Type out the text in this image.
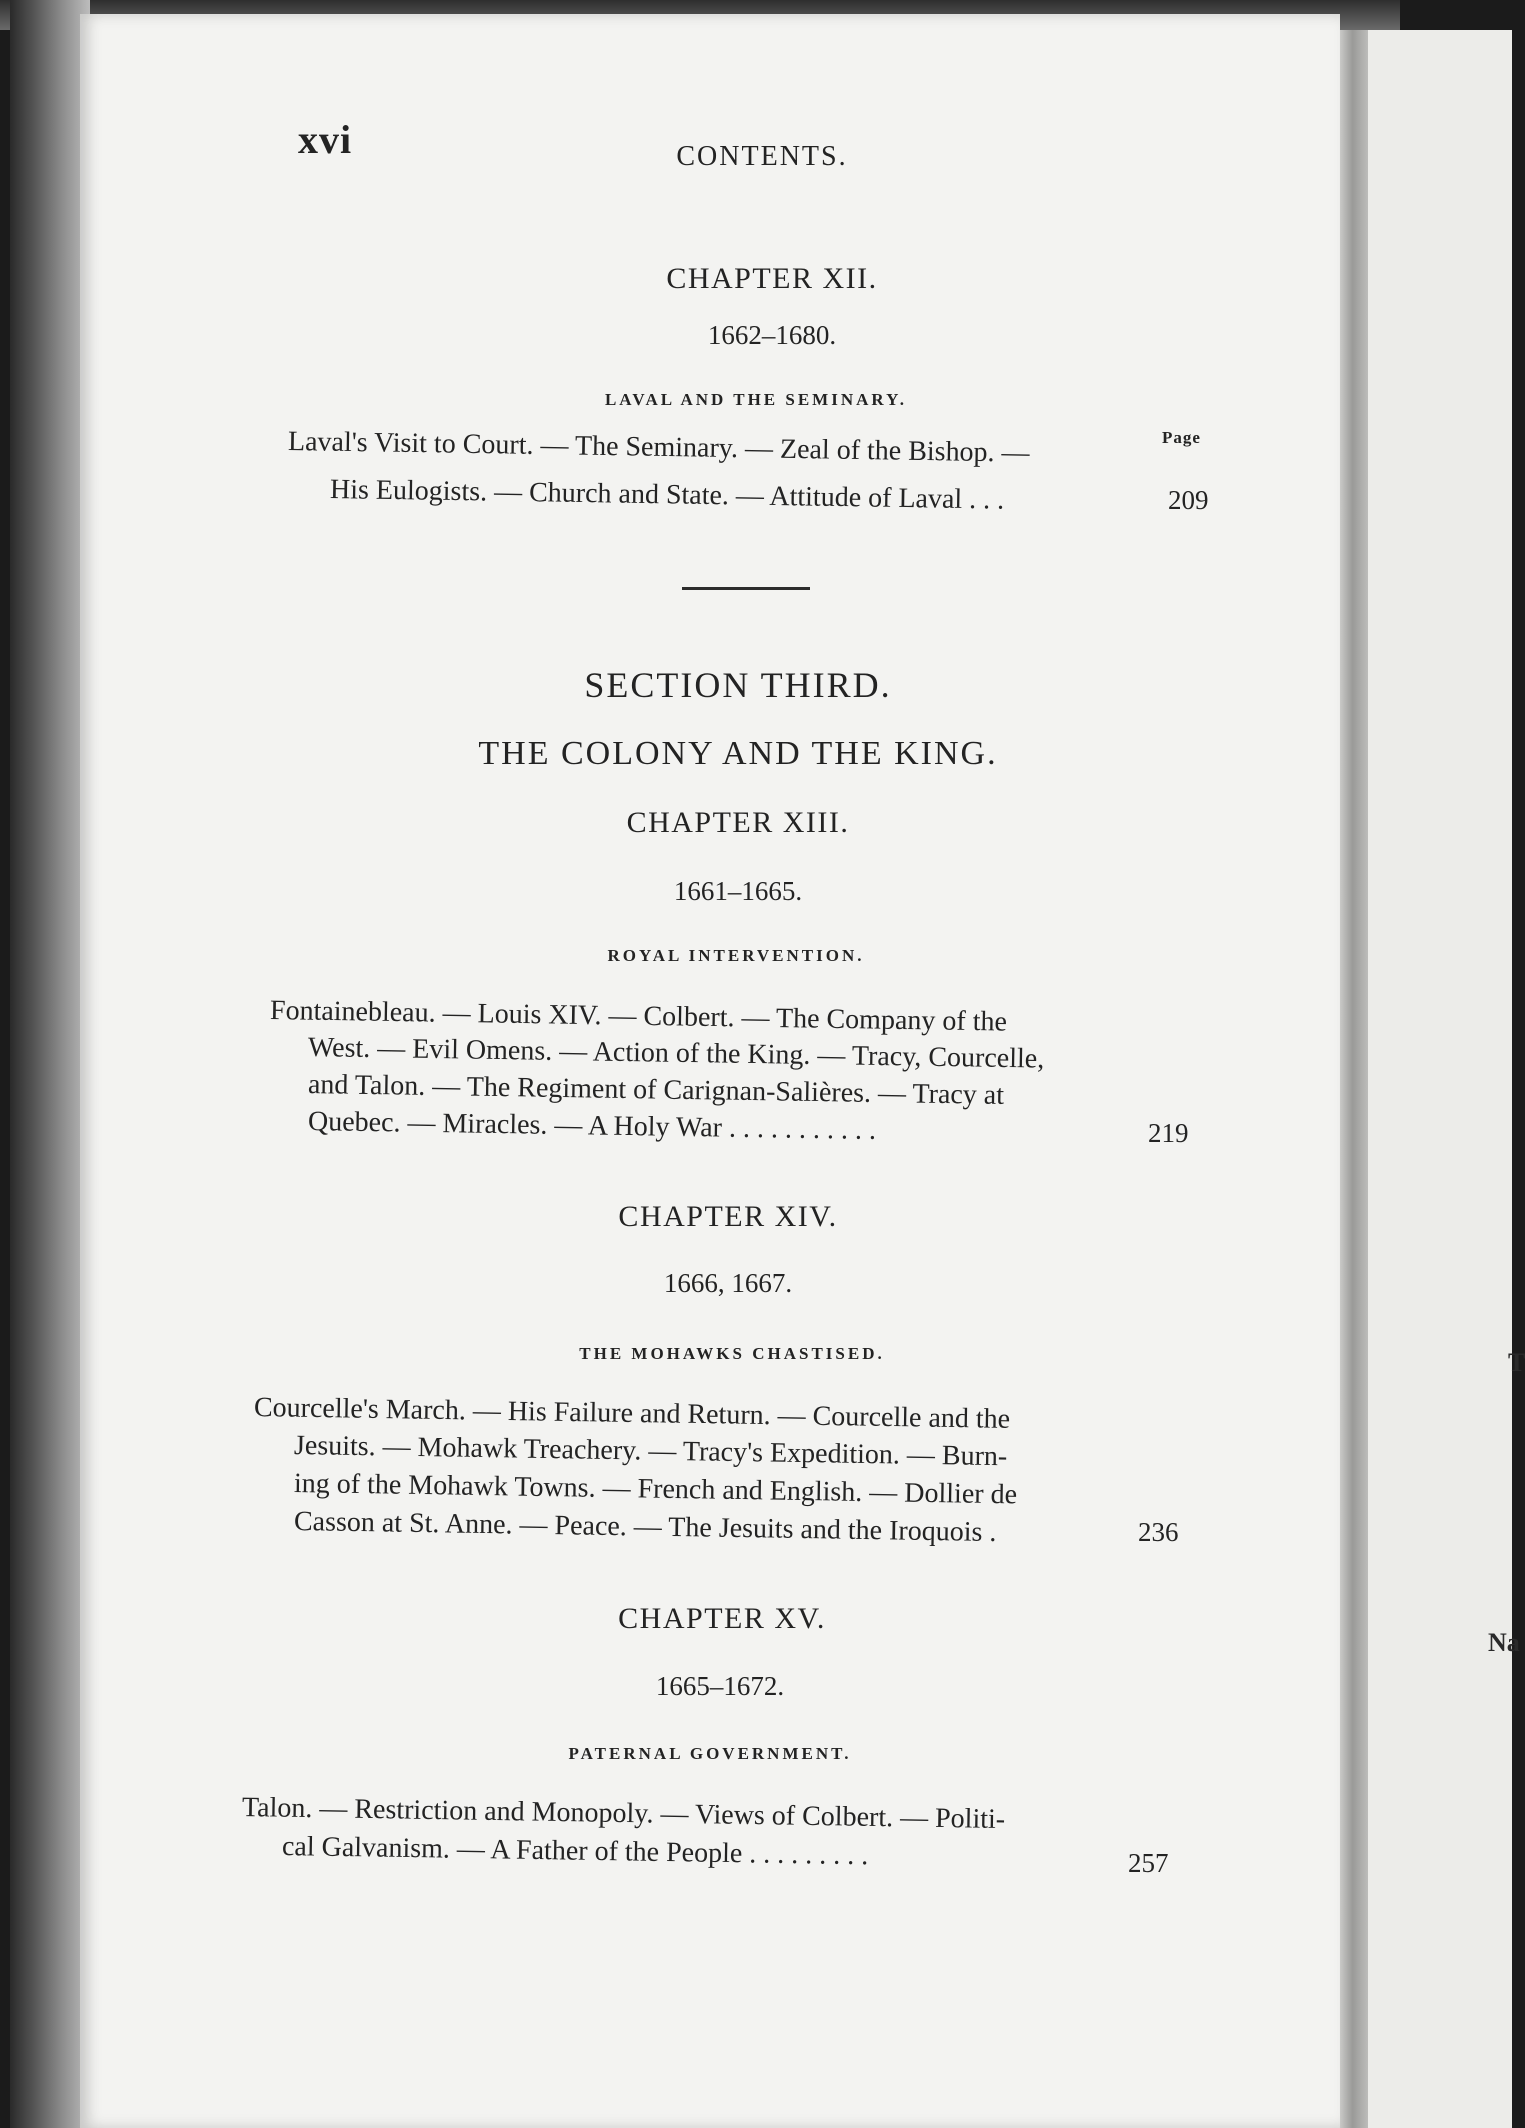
T
Na
xvi	CONTENTS.
CHAPTER XII.
1662–1680.
LAVAL AND THE SEMINARY.
Page
Laval's Visit to Court. — The Seminary. — Zeal of the Bishop. —
His Eulogists. — Church and State. — Attitude of Laval . . .	209
SECTION THIRD.
THE COLONY AND THE KING.
CHAPTER XIII.
1661–1665.
ROYAL INTERVENTION.
Fontainebleau. — Louis XIV. — Colbert. — The Company of the
West. — Evil Omens. — Action of the King. — Tracy, Courcelle,
and Talon. — The Regiment of Carignan-Salières. — Tracy at
Quebec. — Miracles. — A Holy War . . . . . . . . . . .	219
CHAPTER XIV.
1666, 1667.
THE MOHAWKS CHASTISED.
Courcelle's March. — His Failure and Return. — Courcelle and the
Jesuits. — Mohawk Treachery. — Tracy's Expedition. — Burn-
ing of the Mohawk Towns. — French and English. — Dollier de
Casson at St. Anne. — Peace. — The Jesuits and the Iroquois .	236
CHAPTER XV.
1665–1672.
PATERNAL GOVERNMENT.
Talon. — Restriction and Monopoly. — Views of Colbert. — Politi-
cal Galvanism. — A Father of the People . . . . . . . . .	257
